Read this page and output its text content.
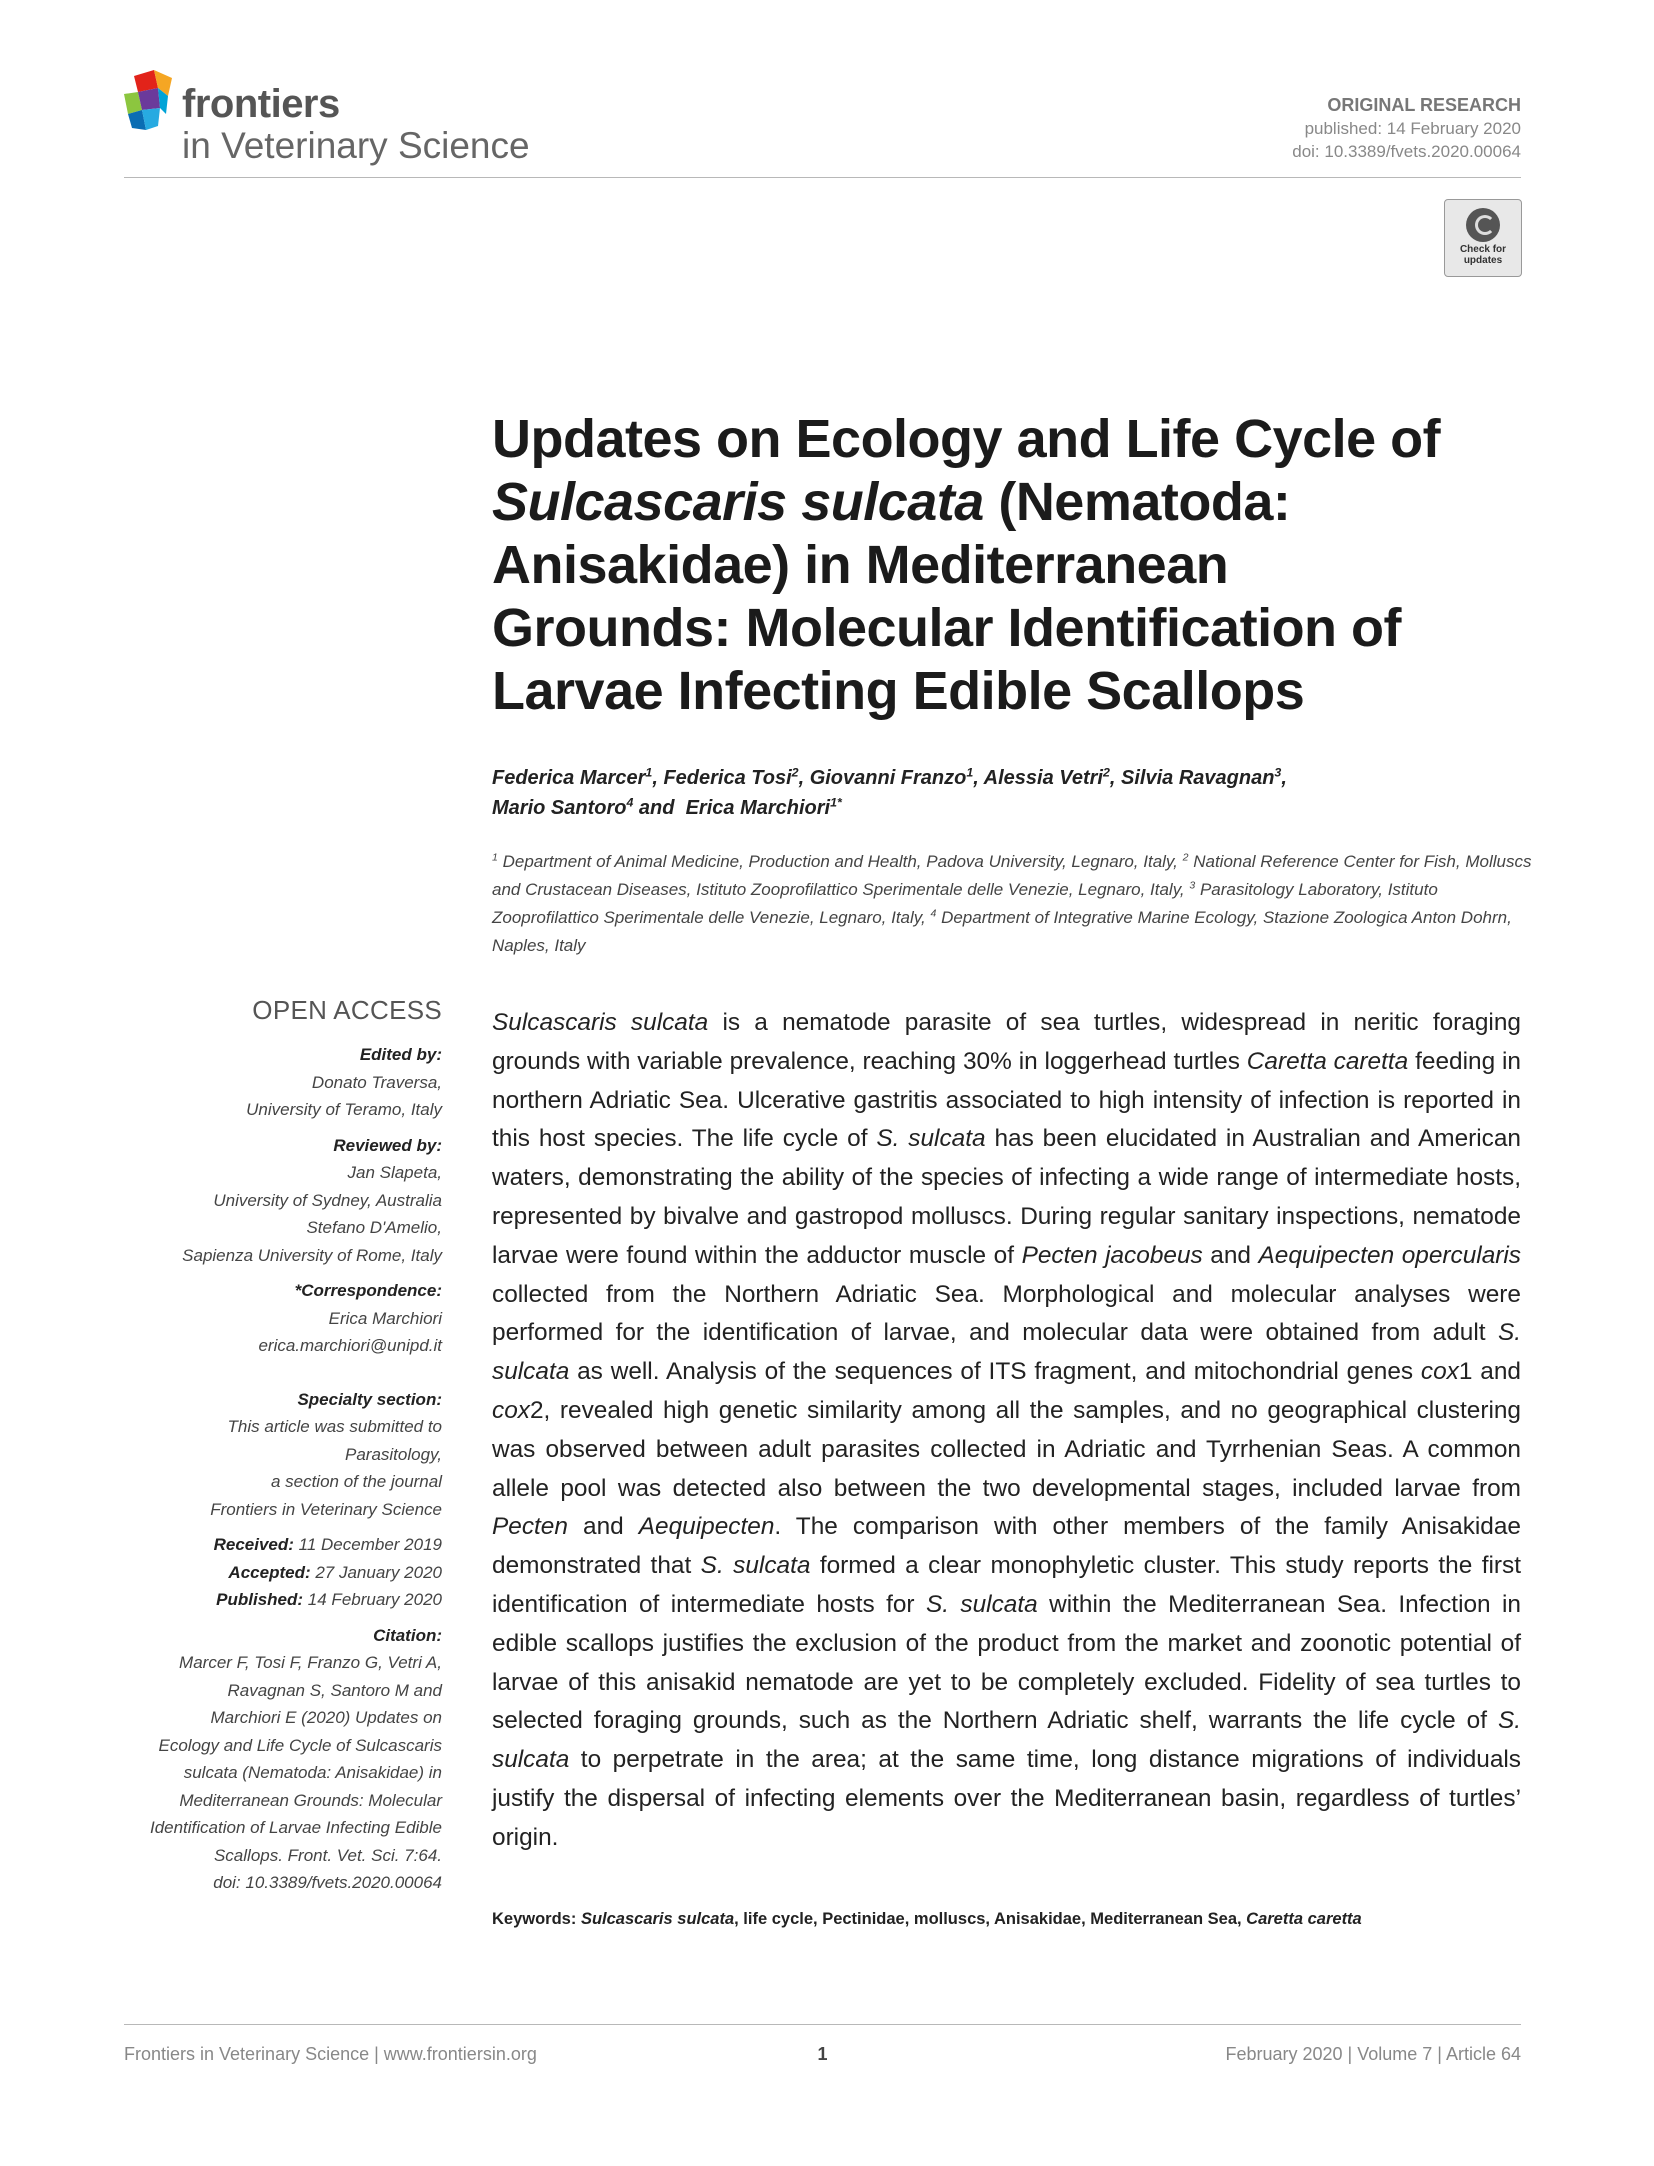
frontiers
in Veterinary Science
ORIGINAL RESEARCH
published: 14 February 2020
doi: 10.3389/fvets.2020.00064
Check for updates
Updates on Ecology and Life Cycle of
Sulcascaris sulcata (Nematoda:
Anisakidae) in Mediterranean
Grounds: Molecular Identification of
Larvae Infecting Edible Scallops
Federica Marcer$^1$, Federica Tosi$^2$, Giovanni Franzo$^1$, Alessia Vetri$^2$, Silvia Ravagnan$^3$,
Mario Santoro$^4$ and  Erica Marchiori$^{1*}$
$^1$ Department of Animal Medicine, Production and Health, Padova University, Legnaro, Italy, $^2$ National Reference Center for Fish, Molluscs and Crustacean Diseases, Istituto Zooprofilattico Sperimentale delle Venezie, Legnaro, Italy, $^3$ Parasitology Laboratory, Istituto Zooprofilattico Sperimentale delle Venezie, Legnaro, Italy, $^4$ Department of Integrative Marine Ecology, Stazione Zoologica Anton Dohrn, Naples, Italy
OPEN ACCESS
Edited by:
Donato Traversa,
University of Teramo, Italy
Reviewed by:
Jan Slapeta,
University of Sydney, Australia
Stefano D'Amelio,
Sapienza University of Rome, Italy
*Correspondence:
Erica Marchiori
erica.marchiori@unipd.it
Specialty section:
This article was submitted to
Parasitology,
a section of the journal
Frontiers in Veterinary Science
Received: 11 December 2019
Accepted: 27 January 2020
Published: 14 February 2020
Citation:
Marcer F, Tosi F, Franzo G, Vetri A,
Ravagnan S, Santoro M and
Marchiori E (2020) Updates on
Ecology and Life Cycle of Sulcascaris
sulcata (Nematoda: Anisakidae) in
Mediterranean Grounds: Molecular
Identification of Larvae Infecting Edible
Scallops. Front. Vet. Sci. 7:64.
doi: 10.3389/fvets.2020.00064

Sulcascaris sulcata is a nematode parasite of sea turtles, widespread in neritic foraging grounds with variable prevalence, reaching 30% in loggerhead turtles Caretta caretta feeding in northern Adriatic Sea. Ulcerative gastritis associated to high intensity of infection is reported in this host species. The life cycle of S. sulcata has been elucidated in Australian and American waters, demonstrating the ability of the species of infecting a wide range of intermediate hosts, represented by bivalve and gastropod molluscs. During regular sanitary inspections, nematode larvae were found within the adductor muscle of Pecten jacobeus and Aequipecten opercularis collected from the Northern Adriatic Sea. Morphological and molecular analyses were performed for the identification of larvae, and molecular data were obtained from adult S. sulcata as well. Analysis of the sequences of ITS fragment, and mitochondrial genes cox1 and cox2, revealed high genetic similarity among all the samples, and no geographical clustering was observed between adult parasites collected in Adriatic and Tyrrhenian Seas. A common allele pool was detected also between the two developmental stages, included larvae from Pecten and Aequipecten. The comparison with other members of the family Anisakidae demonstrated that S. sulcata formed a clear monophyletic cluster. This study reports the first identification of intermediate hosts for S. sulcata within the Mediterranean Sea. Infection in edible scallops justifies the exclusion of the product from the market and zoonotic potential of larvae of this anisakid nematode are yet to be completely excluded. Fidelity of sea turtles to selected foraging grounds, such as the Northern Adriatic shelf, warrants the life cycle of S. sulcata to perpetrate in the area; at the same time, long distance migrations of individuals justify the dispersal of infecting elements over the Mediterranean basin, regardless of turtles’ origin.

Keywords: Sulcascaris sulcata, life cycle, Pectinidae, molluscs, Anisakidae, Mediterranean Sea, Caretta caretta
1
Frontiers in Veterinary Science | www.frontiersin.org	February 2020 | Volume 7 | Article 64
